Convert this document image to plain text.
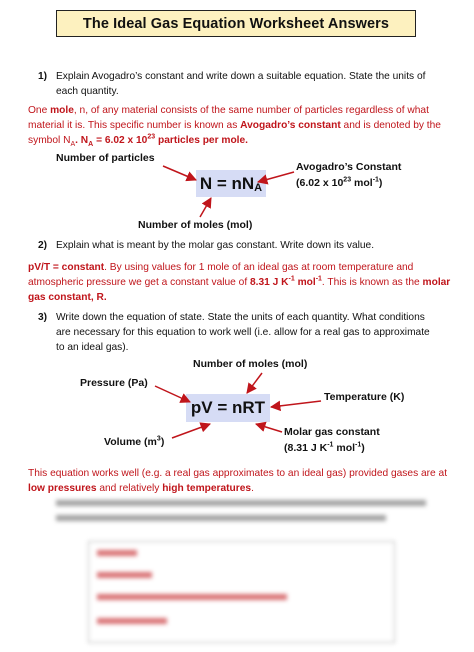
The Ideal Gas Equation Worksheet Answers
1) Explain Avogadro’s constant and write down a suitable equation. State the units of
each quantity.
One mole, n, of any material consists of the same number of particles regardless of what
material it is. This specific number is known as Avogadro’s constant and is denoted by the
symbol $N_A$. $N_A = 6.02$ x $10^{23}$ particles per mole.
$N = nN_A$
Number of particles
Number of moles (mol)
Avogadro’s Constant
(6.02 x $10^{23}$ mol$^{-1}$)
2) Explain what is meant by the molar gas constant. Write down its value.
pV/T = constant. By using values for 1 mole of an ideal gas at room temperature and
atmospheric pressure we get a constant value of 8.31 J $K^{-1}$ mol$^{-1}$. This is known as the molar
gas constant, R.
3) Write down the equation of state. State the units of each quantity. What conditions
are necessary for this equation to work well (i.e. allow for a real gas to approximate
to an ideal gas).
pV = nRT
Number of moles (mol)
Pressure (Pa)
Temperature (K)
Volume $(m^3)$
Molar gas constant
(8.31 J $K^{-1}$ mol$^{-1}$)
This equation works well (e.g. a real gas approximates to an ideal gas) provided gases are at
low pressures and relatively high temperatures.
